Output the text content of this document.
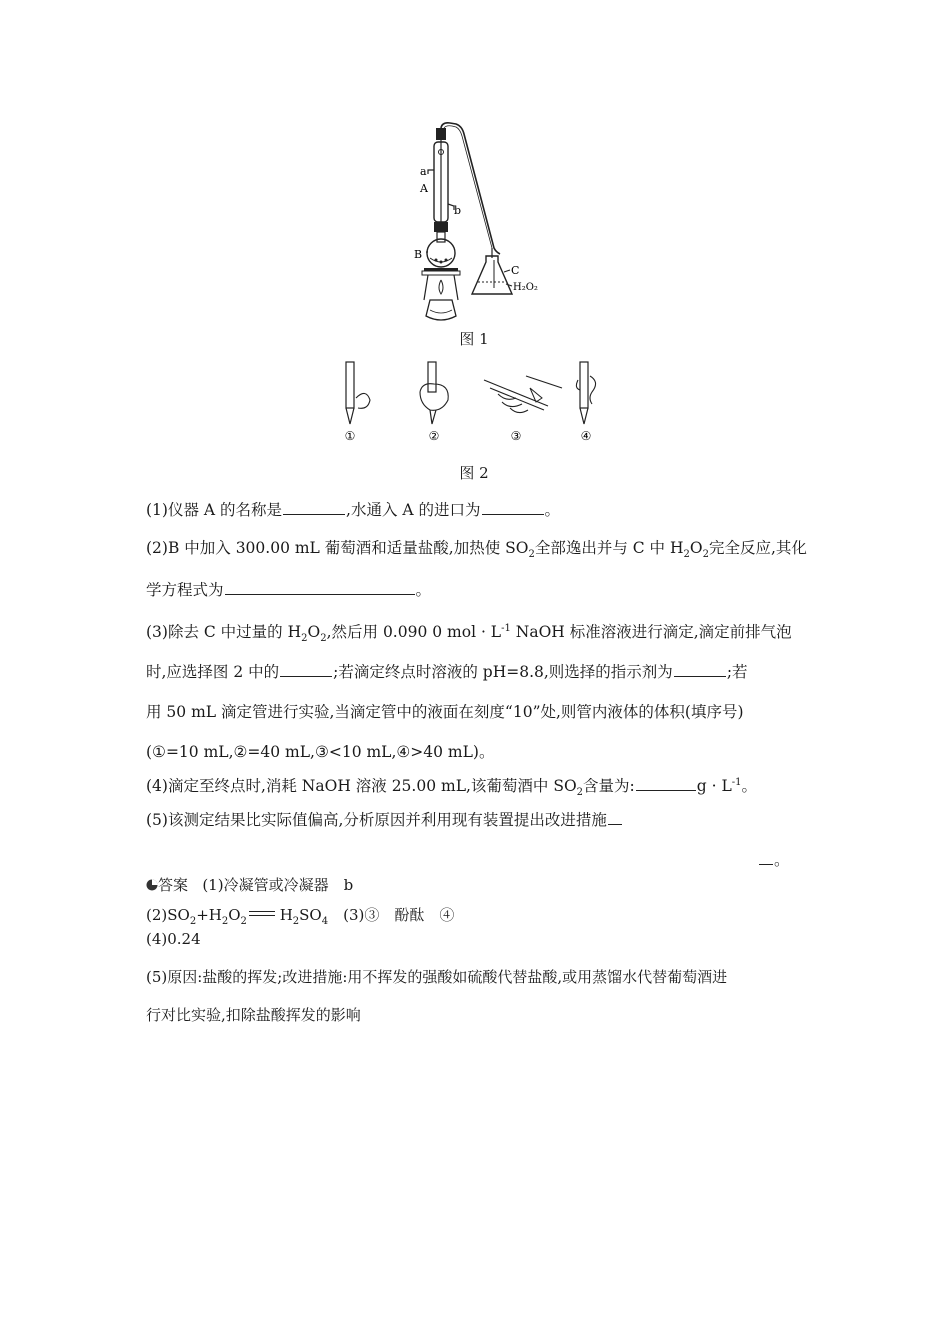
a
A
b
B
C
H₂O₂
图 1
①	②	③	④
图 2
(1)仪器 A 的名称是	,水通入 A 的进口为	。
(2)B 中加入 300.00 mL 葡萄酒和适量盐酸,加热使 $SO_2$全部逸出并与 C 中 $H_2O_2$完全反应,其化
学方程式为	。
(3)除去 C 中过量的 $H_2O_2$,然后用 0.090 0 mol · $L^{-1}$ NaOH 标准溶液进行滴定,滴定前排气泡
时,应选择图 2 中的	;若滴定终点时溶液的 pH=8.8,则选择的指示剂为	;若
用 50 mL 滴定管进行实验,当滴定管中的液面在刻度“10”处,则管内液体的体积(填序号)
(①=10 mL,②=40 mL,③<10 mL,④>40 mL)。
(4)滴定至终点时,消耗 NaOH 溶液 25.00 mL,该葡萄酒中 $SO_2$含量为:	$g \cdot L^{-1}$。
(5)该测定结果比实际值偏高,分析原因并利用现有装置提出改进措施
。
答案 (1)冷凝管或冷凝器　b
$(2)SO_2+H_2O_2$ $H_2SO_4$　(3)③　酚酞　④
(4)0.24
(5)原因:盐酸的挥发;改进措施:用不挥发的强酸如硫酸代替盐酸,或用蒸馏水代替葡萄酒进
行对比实验,扣除盐酸挥发的影响
